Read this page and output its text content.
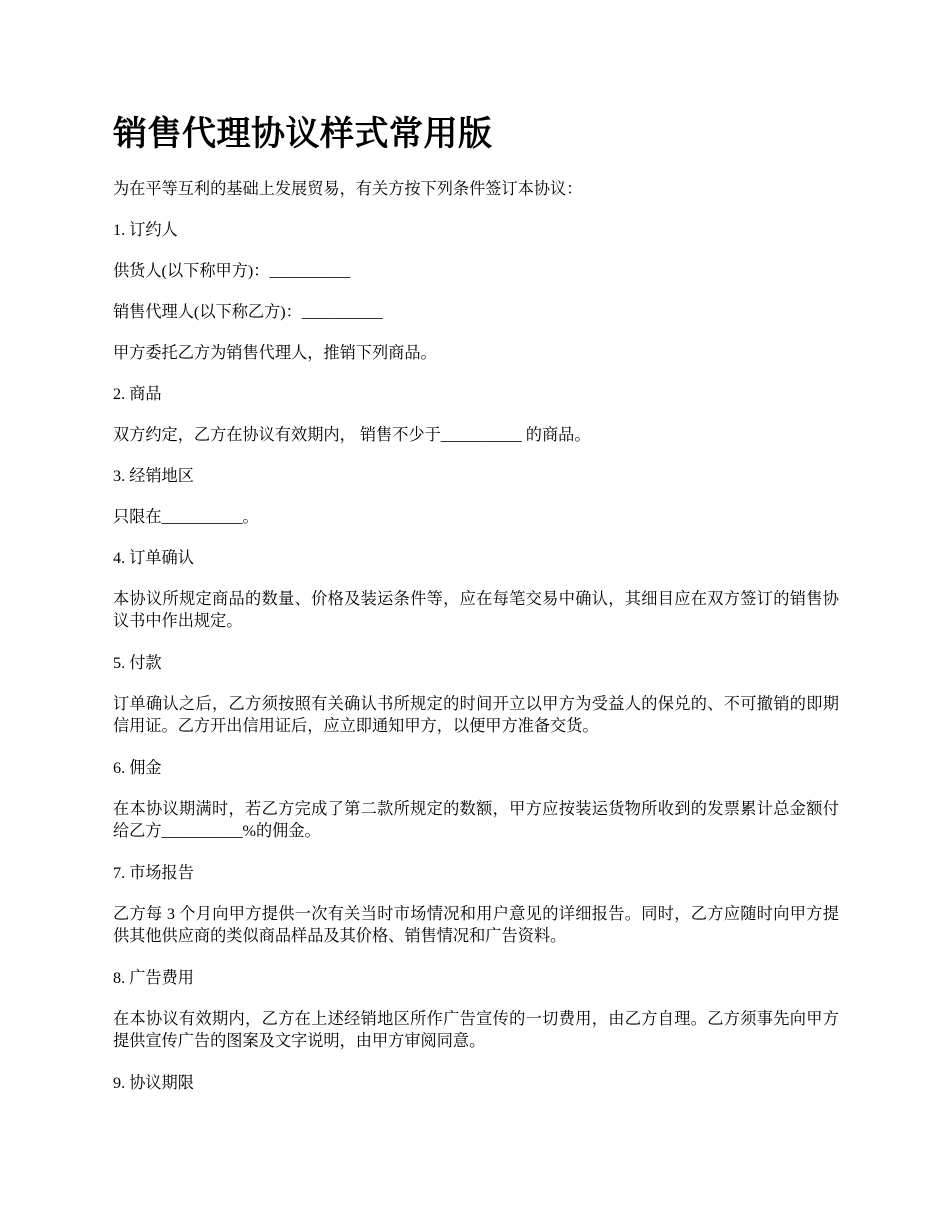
销售代理协议样式常用版

为在平等互利的基础上发展贸易，有关方按下列条件签订本协议：

1. 订约人

供货人(以下称甲方)：__________

销售代理人(以下称乙方)：__________

甲方委托乙方为销售代理人，推销下列商品。

2. 商品

双方约定，乙方在协议有效期内， 销售不少于__________ 的商品。

3. 经销地区

只限在__________。

4. 订单确认

本协议所规定商品的数量、价格及装运条件等，应在每笔交易中确认，其细目应在双方签订的销售协议书中作出规定。

5. 付款

订单确认之后，乙方须按照有关确认书所规定的时间开立以甲方为受益人的保兑的、不可撤销的即期信用证。乙方开出信用证后，应立即通知甲方，以便甲方准备交货。

6. 佣金

在本协议期满时，若乙方完成了第二款所规定的数额，甲方应按装运货物所收到的发票累计总金额付给乙方__________%的佣金。

7. 市场报告

乙方每 3 个月向甲方提供一次有关当时市场情况和用户意见的详细报告。同时，乙方应随时向甲方提供其他供应商的类似商品样品及其价格、销售情况和广告资料。

8. 广告费用

在本协议有效期内，乙方在上述经销地区所作广告宣传的一切费用，由乙方自理。乙方须事先向甲方提供宣传广告的图案及文字说明，由甲方审阅同意。

9. 协议期限
